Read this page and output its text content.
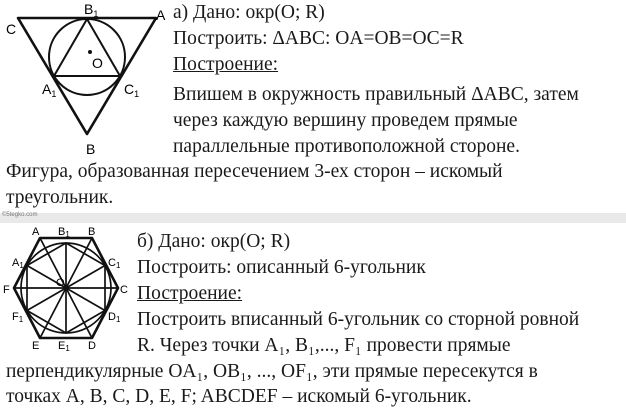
$B_1$	A
C
O
$A_1$	$C_1$
B
а) Дано: окр(О; R)
Построить: ΔABC: OA=OB=OC=R
Построение:
Впишем в окружность правильный ΔABC, затем
через каждую вершину проведем прямые
параллельные противоположной стороне.
Фигура, образованная пересечением 3-ех сторон – искомый
треугольник.
©5tegko.com
A B1 B
A1	C1
F
O
C
F1	D1
E E1 D
б) Дано: окр(О; R)
Построить: описанный 6-угольник
Построение:
Построить вписанный 6-угольник со сторной ровной
R. Через точки A₁, B₁,..., F₁ провести прямые
перпендикулярные OA₁, OB₁, ..., OF₁, эти прямые пересекутся в
точках A, B, C, D, E, F; ABCDEF – искомый 6-угольник.
